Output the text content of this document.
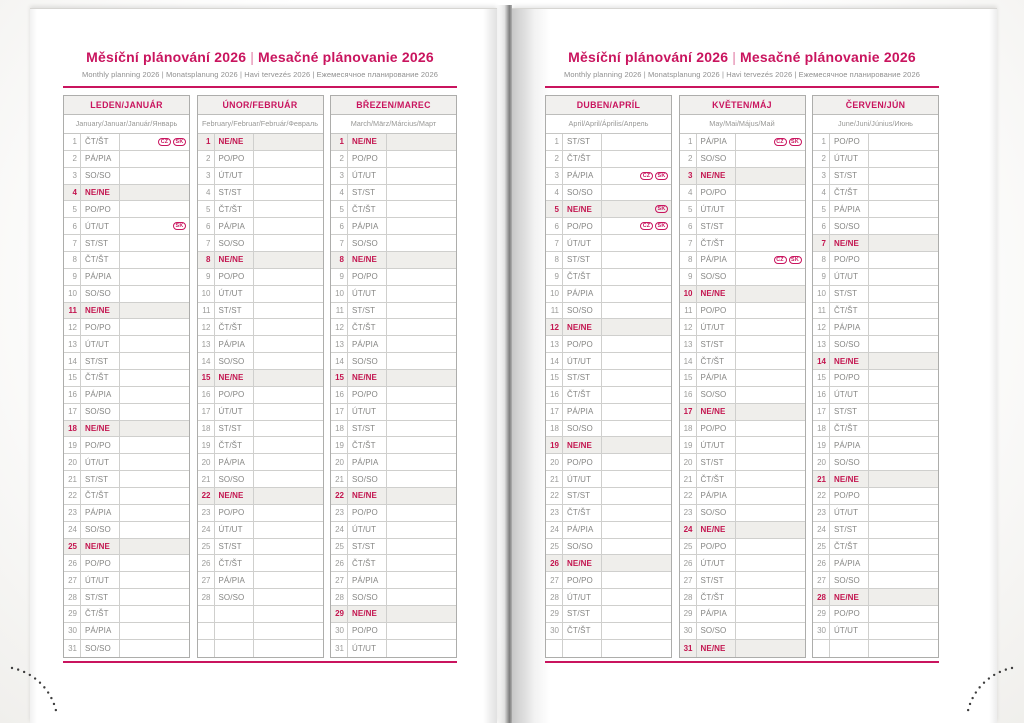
Měsíční plánování 2026 | Mesačné plánovanie 2026
Monthly planning 2026 | Monatsplanung 2026 | Havi tervezés 2026 | Ежемесячное планирование 2026
LEDEN/JANUÁR
January/Januar/Január/Январь
1	ČT/ŠT	CZ	SK
2	PÁ/PIA
3	SO/SO
4	NE/NE
5	PO/PO
6	ÚT/UT	SK
7	ST/ST
8	ČT/ŠT
9	PÁ/PIA
10	SO/SO
11	NE/NE
12	PO/PO
13	ÚT/UT
14	ST/ST
15	ČT/ŠT
16	PÁ/PIA
17	SO/SO
18	NE/NE
19	PO/PO
20	ÚT/UT
21	ST/ST
22	ČT/ŠT
23	PÁ/PIA
24	SO/SO
25	NE/NE
26	PO/PO
27	ÚT/UT
28	ST/ST
29	ČT/ŠT
30	PÁ/PIA
31	SO/SO
ÚNOR/FEBRUÁR
February/Februar/Február/Февраль
1	NE/NE
2	PO/PO
3	ÚT/UT
4	ST/ST
5	ČT/ŠT
6	PÁ/PIA
7	SO/SO
8	NE/NE
9	PO/PO
10	ÚT/UT
11	ST/ST
12	ČT/ŠT
13	PÁ/PIA
14	SO/SO
15	NE/NE
16	PO/PO
17	ÚT/UT
18	ST/ST
19	ČT/ŠT
20	PÁ/PIA
21	SO/SO
22	NE/NE
23	PO/PO
24	ÚT/UT
25	ST/ST
26	ČT/ŠT
27	PÁ/PIA
28	SO/SO
BŘEZEN/MAREC
March/März/Március/Март
1	NE/NE
2	PO/PO
3	ÚT/UT
4	ST/ST
5	ČT/ŠT
6	PÁ/PIA
7	SO/SO
8	NE/NE
9	PO/PO
10	ÚT/UT
11	ST/ST
12	ČT/ŠT
13	PÁ/PIA
14	SO/SO
15	NE/NE
16	PO/PO
17	ÚT/UT
18	ST/ST
19	ČT/ŠT
20	PÁ/PIA
21	SO/SO
22	NE/NE
23	PO/PO
24	ÚT/UT
25	ST/ST
26	ČT/ŠT
27	PÁ/PIA
28	SO/SO
29	NE/NE
30	PO/PO
31	ÚT/UT
Měsíční plánování 2026 | Mesačné plánovanie 2026
Monthly planning 2026 | Monatsplanung 2026 | Havi tervezés 2026 | Ежемесячное планирование 2026
DUBEN/APRÍL
April/April/Április/Апрель
1	ST/ST
2	ČT/ŠT
3	PÁ/PIA	CZ	SK
4	SO/SO
5	NE/NE	SK
6	PO/PO	CZ	SK
7	ÚT/UT
8	ST/ST
9	ČT/ŠT
10	PÁ/PIA
11	SO/SO
12	NE/NE
13	PO/PO
14	ÚT/UT
15	ST/ST
16	ČT/ŠT
17	PÁ/PIA
18	SO/SO
19	NE/NE
20	PO/PO
21	ÚT/UT
22	ST/ST
23	ČT/ŠT
24	PÁ/PIA
25	SO/SO
26	NE/NE
27	PO/PO
28	ÚT/UT
29	ST/ST
30	ČT/ŠT
KVĚTEN/MÁJ
May/Mai/Május/Май
1	PÁ/PIA	CZ	SK
2	SO/SO
3	NE/NE
4	PO/PO
5	ÚT/UT
6	ST/ST
7	ČT/ŠT
8	PÁ/PIA	CZ	SK
9	SO/SO
10	NE/NE
11	PO/PO
12	ÚT/UT
13	ST/ST
14	ČT/ŠT
15	PÁ/PIA
16	SO/SO
17	NE/NE
18	PO/PO
19	ÚT/UT
20	ST/ST
21	ČT/ŠT
22	PÁ/PIA
23	SO/SO
24	NE/NE
25	PO/PO
26	ÚT/UT
27	ST/ST
28	ČT/ŠT
29	PÁ/PIA
30	SO/SO
31	NE/NE
ČERVEN/JÚN
June/Juni/Június/Июнь
1	PO/PO
2	ÚT/UT
3	ST/ST
4	ČT/ŠT
5	PÁ/PIA
6	SO/SO
7	NE/NE
8	PO/PO
9	ÚT/UT
10	ST/ST
11	ČT/ŠT
12	PÁ/PIA
13	SO/SO
14	NE/NE
15	PO/PO
16	ÚT/UT
17	ST/ST
18	ČT/ŠT
19	PÁ/PIA
20	SO/SO
21	NE/NE
22	PO/PO
23	ÚT/UT
24	ST/ST
25	ČT/ŠT
26	PÁ/PIA
27	SO/SO
28	NE/NE
29	PO/PO
30	ÚT/UT
